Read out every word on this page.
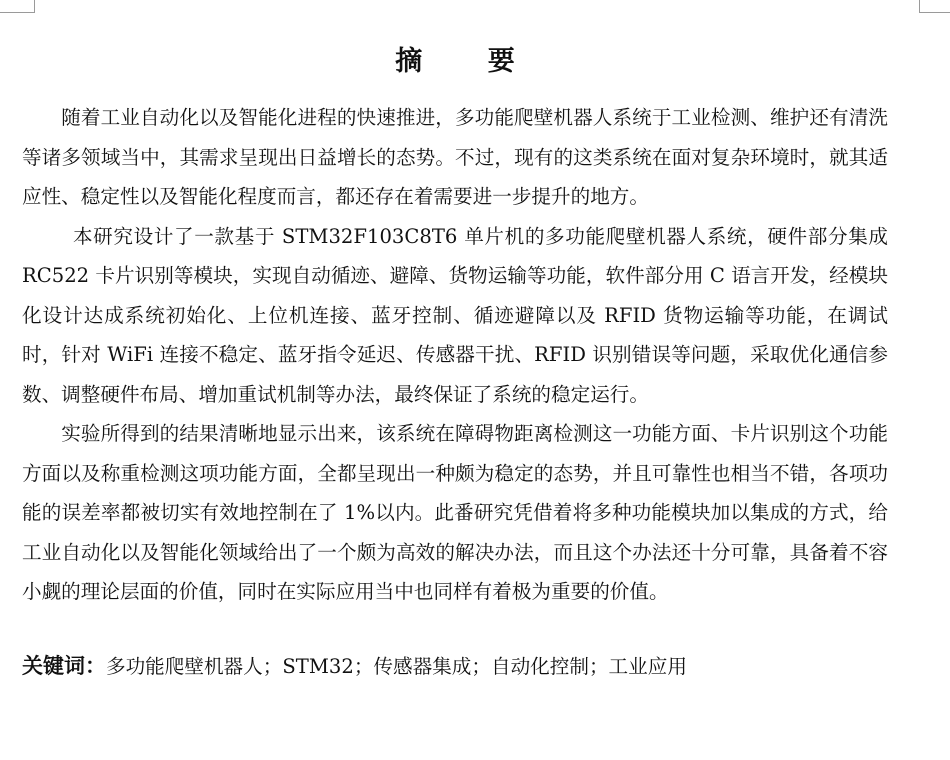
摘 要

随着工业自动化以及智能化进程的快速推进，多功能爬壁机器人系统于工业检测、维护还有清洗等诸多领域当中，其需求呈现出日益增长的态势。不过，现有的这类系统在面对复杂环境时，就其适应性、稳定性以及智能化程度而言，都还存在着需要进一步提升的地方。

本研究设计了一款基于 STM32F103C8T6 单片机的多功能爬壁机器人系统，硬件部分集成 RC522 卡片识别等模块，实现自动循迹、避障、货物运输等功能，软件部分用 C 语言开发，经模块化设计达成系统初始化、上位机连接、蓝牙控制、循迹避障以及 RFID 货物运输等功能，在调试时，针对 WiFi 连接不稳定、蓝牙指令延迟、传感器干扰、RFID 识别错误等问题，采取优化通信参数、调整硬件布局、增加重试机制等办法，最终保证了系统的稳定运行。

实验所得到的结果清晰地显示出来，该系统在障碍物距离检测这一功能方面、卡片识别这个功能方面以及称重检测这项功能方面，全都呈现出一种颇为稳定的态势，并且可靠性也相当不错，各项功能的误差率都被切实有效地控制在了 1%以内。此番研究凭借着将多种功能模块加以集成的方式，给工业自动化以及智能化领域给出了一个颇为高效的解决办法，而且这个办法还十分可靠，具备着不容小觑的理论层面的价值，同时在实际应用当中也同样有着极为重要的价值。

关键词：多功能爬壁机器人；STM32；传感器集成；自动化控制；工业应用
